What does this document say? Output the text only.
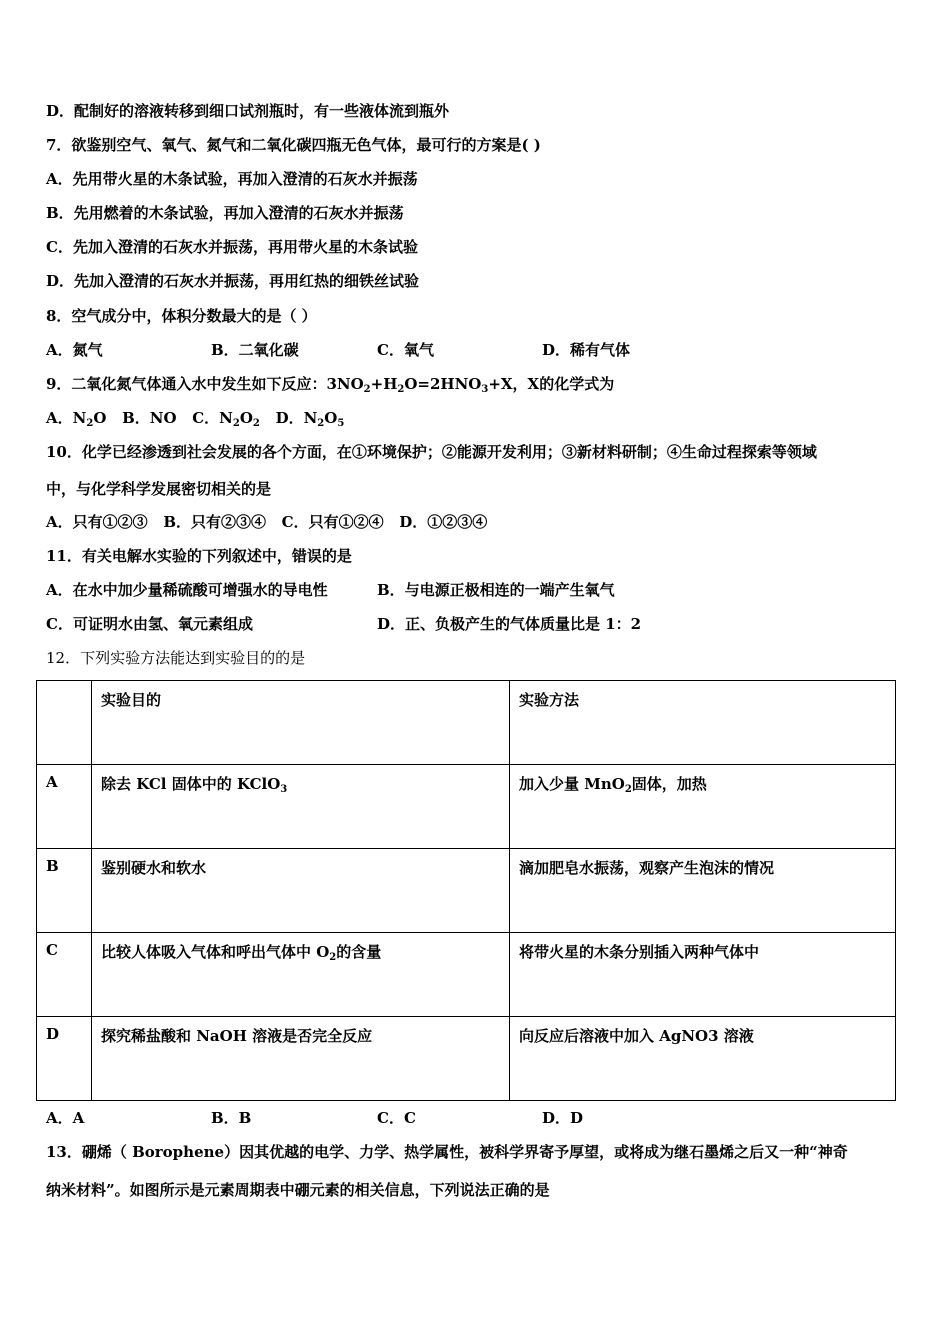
D．配制好的溶液转移到细口试剂瓶时，有一些液体流到瓶外
7．欲鉴别空气、氧气、氮气和二氧化碳四瓶无色气体，最可行的方案是( )
A．先用带火星的木条试验，再加入澄清的石灰水并振荡
B．先用燃着的木条试验，再加入澄清的石灰水并振荡
C．先加入澄清的石灰水并振荡，再用带火星的木条试验
D．先加入澄清的石灰水并振荡，再用红热的细铁丝试验
8．空气成分中，体积分数最大的是（ ）
A．氮气	B．二氧化碳	C．氧气	D．稀有气体
9．二氧化氮气体通入水中发生如下反应：$3NO_2+H_2O=2HNO_3+X$，X的化学式为
A．$N_2O$ B．NO C．$N_2O_2$ D．$N_2O_5$
10．化学已经渗透到社会发展的各个方面，在①环境保护；②能源开发利用；③新材料研制；④生命过程探索等领域
中，与化学科学发展密切相关的是
A．只有①②③ B．只有②③④ C．只有①②④ D．①②③④
11．有关电解水实验的下列叙述中，错误的是
A．在水中加少量稀硫酸可增强水的导电性	B．与电源正极相连的一端产生氧气
C．可证明水由氢、氧元素组成	D．正、负极产生的气体质量比是 1：2
12．下列实验方法能达到实验目的的是
	实验目的	实验方法
A	除去 KCl 固体中的 KClO$_3$	加入少量 MnO$_2$固体，加热
B	鉴别硬水和软水	滴加肥皂水振荡，观察产生泡沫的情况
C	比较人体吸入气体和呼出气体中 $O_2$的含量	将带火星的木条分别插入两种气体中
D	探究稀盐酸和 NaOH 溶液是否完全反应	向反应后溶液中加入 AgNO3 溶液
A．A	B．B	C．C	D．D
13．硼烯（ Borophene）因其优越的电学、力学、热学属性，被科学界寄予厚望，或将成为继石墨烯之后又一种“神奇
纳米材料”。如图所示是元素周期表中硼元素的相关信息，下列说法正确的是
